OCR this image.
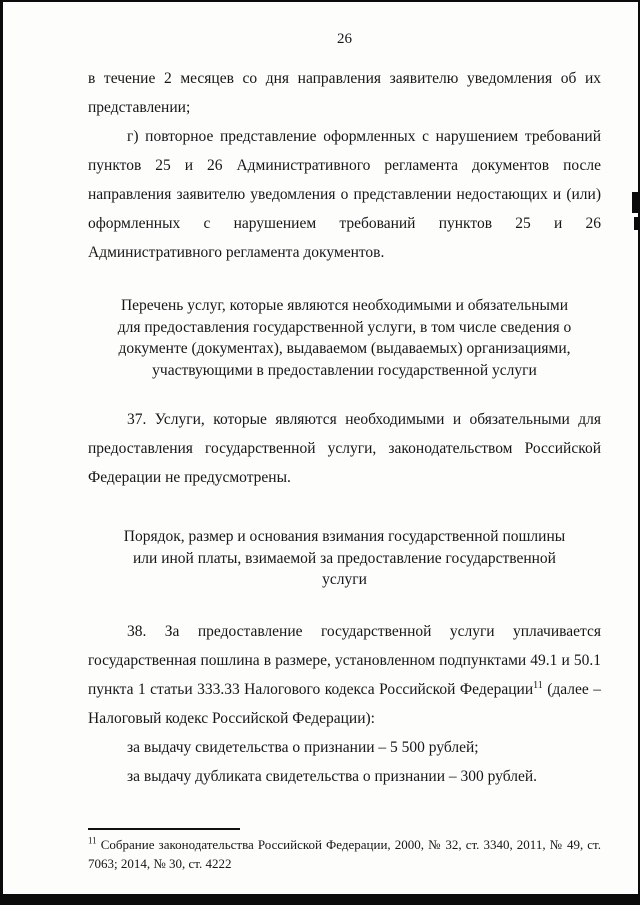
26

в течение 2 месяцев со дня направления заявителю уведомления об их представлении;

г) повторное представление оформленных с нарушением требований пунктов 25 и 26 Административного регламента документов после направления заявителю уведомления о представлении недостающих и (или) оформленных с нарушением требований пунктов 25 и 26 Административного регламента документов.

Перечень услуг, которые являются необходимыми и обязательными для предоставления государственной услуги, в том числе сведения о документе (документах), выдаваемом (выдаваемых) организациями, участвующими в предоставлении государственной услуги

37. Услуги, которые являются необходимыми и обязательными для предоставления государственной услуги, законодательством Российской Федерации не предусмотрены.

Порядок, размер и основания взимания государственной пошлины или иной платы, взимаемой за предоставление государственной услуги

38. За предоставление государственной услуги уплачивается государственная пошлина в размере, установленном подпунктами 49.1 и 50.1 пункта 1 статьи 333.33 Налогового кодекса Российской Федерации$^{11}$ (далее – Налоговый кодекс Российской Федерации):

за выдачу свидетельства о признании – 5 500 рублей;

за выдачу дубликата свидетельства о признании – 300 рублей.

$^{11}$ Собрание законодательства Российской Федерации, 2000, № 32, ст. 3340, 2011, № 49, ст. 7063; 2014, № 30, ст. 4222
